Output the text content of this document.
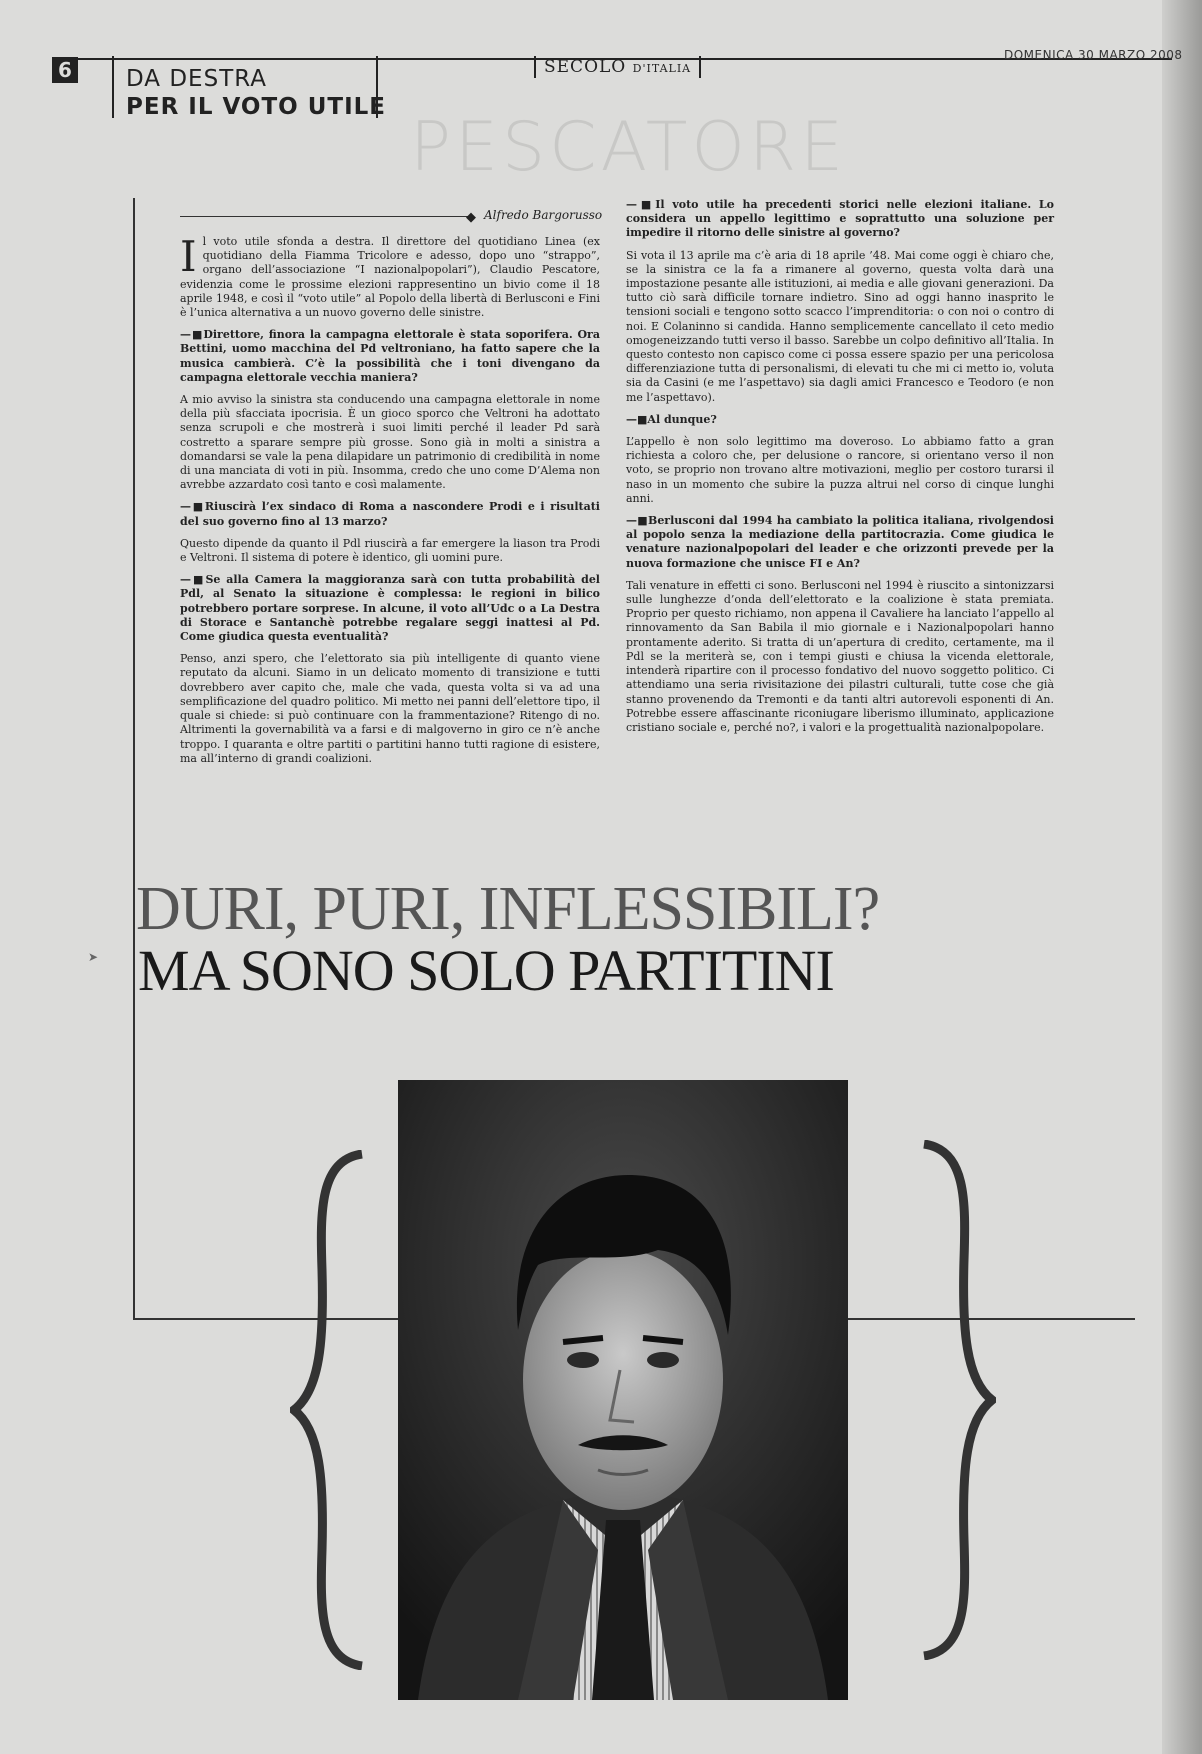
6 DA DESTRA
PER IL VOTO UTILE
SECOLO D'ITALIA
DOMENICA 30 MARZO 2008
PESCATORE
◆ Alfredo Bargorusso

Il voto utile sfonda a destra. Il direttore del quotidiano Linea (ex quotidiano della Fiamma Tricolore e adesso, dopo uno “strappo”, organo dell’associazione “I nazionalpopolari”), Claudio Pescatore, evidenzia come le prossime elezioni rappresentino un bivio come il 18 aprile 1948, e così il “voto utile” al Popolo della libertà di Berlusconi e Fini è l’unica alternativa a un nuovo governo delle sinistre.

—■ Direttore, finora la campagna elettorale è stata soporifera. Ora Bettini, uomo macchina del Pd veltroniano, ha fatto sapere che la musica cambierà. C’è la possibilità che i toni divengano da campagna elettorale vecchia maniera?

A mio avviso la sinistra sta conducendo una campagna elettorale in nome della più sfacciata ipocrisia. È un gioco sporco che Veltroni ha adottato senza scrupoli e che mostrerà i suoi limiti perché il leader Pd sarà costretto a sparare sempre più grosse. Sono già in molti a sinistra a domandarsi se vale la pena dilapidare un patrimonio di credibilità in nome di una manciata di voti in più. Insomma, credo che uno come D’Alema non avrebbe azzardato così tanto e così malamente.

—■ Riuscirà l’ex sindaco di Roma a nascondere Prodi e i risultati del suo governo fino al 13 marzo?

Questo dipende da quanto il Pdl riuscirà a far emergere la liason tra Prodi e Veltroni. Il sistema di potere è identico, gli uomini pure.

—■ Se alla Camera la maggioranza sarà con tutta probabilità del Pdl, al Senato la situazione è complessa: le regioni in bilico potrebbero portare sorprese. In alcune, il voto all’Udc o a La Destra di Storace e Santanchè potrebbe regalare seggi inattesi al Pd. Come giudica questa eventualità?

Penso, anzi spero, che l’elettorato sia più intelligente di quanto viene reputato da alcuni. Siamo in un delicato momento di transizione e tutti dovrebbero aver capito che, male che vada, questa volta si va ad una semplificazione del quadro politico. Mi metto nei panni dell’elettore tipo, il quale si chiede: si può continuare con la frammentazione? Ritengo di no. Altrimenti la governabilità va a farsi e di malgoverno in giro ce n’è anche troppo. I quaranta e oltre partiti o partitini hanno tutti ragione di esistere, ma all’interno di grandi coalizioni.

—■ Il voto utile ha precedenti storici nelle elezioni italiane. Lo considera un appello legittimo e soprattutto una soluzione per impedire il ritorno delle sinistre al governo?

Si vota il 13 aprile ma c’è aria di 18 aprile ’48. Mai come oggi è chiaro che, se la sinistra ce la fa a rimanere al governo, questa volta darà una impostazione pesante alle istituzioni, ai media e alle giovani generazioni. Da tutto ciò sarà difficile tornare indietro. Sino ad oggi hanno inasprito le tensioni sociali e tengono sotto scacco l’imprenditoria: o con noi o contro di noi. E Colaninno si candida. Hanno semplicemente cancellato il ceto medio omogeneizzando tutti verso il basso. Sarebbe un colpo definitivo all’Italia. In questo contesto non capisco come ci possa essere spazio per una pericolosa differenziazione tutta di personalismi, di elevati tu che mi ci metto io, voluta sia da Casini (e me l’aspettavo) sia dagli amici Francesco e Teodoro (e non me l’aspettavo).

—■ Al dunque?

L’appello è non solo legittimo ma doveroso. Lo abbiamo fatto a gran richiesta a coloro che, per delusione o rancore, si orientano verso il non voto, se proprio non trovano altre motivazioni, meglio per costoro turarsi il naso in un momento che subire la puzza altrui nel corso di cinque lunghi anni.

—■ Berlusconi dal 1994 ha cambiato la politica italiana, rivolgendosi al popolo senza la mediazione della partitocrazia. Come giudica le venature nazionalpopolari del leader e che orizzonti prevede per la nuova formazione che unisce FI e An?

Tali venature in effetti ci sono. Berlusconi nel 1994 è riuscito a sintonizzarsi sulle lunghezze d’onda dell’elettorato e la coalizione è stata premiata. Proprio per questo richiamo, non appena il Cavaliere ha lanciato l’appello al rinnovamento da San Babila il mio giornale e i Nazionalpopolari hanno prontamente aderito. Si tratta di un’apertura di credito, certamente, ma il Pdl se la meriterà se, con i tempi giusti e chiusa la vicenda elettorale, intenderà ripartire con il processo fondativo del nuovo soggetto politico. Ci attendiamo una seria rivisitazione dei pilastri culturali, tutte cose che già stanno provenendo da Tremonti e da tanti altri autorevoli esponenti di An. Potrebbe essere affascinante riconiugare liberismo illuminato, applicazione cristiano sociale e, perché no?, i valori e la progettualità nazionalpopolare.

➤
DURI, PURI, INFLESSIBILI?
MA SONO SOLO PARTITINI
